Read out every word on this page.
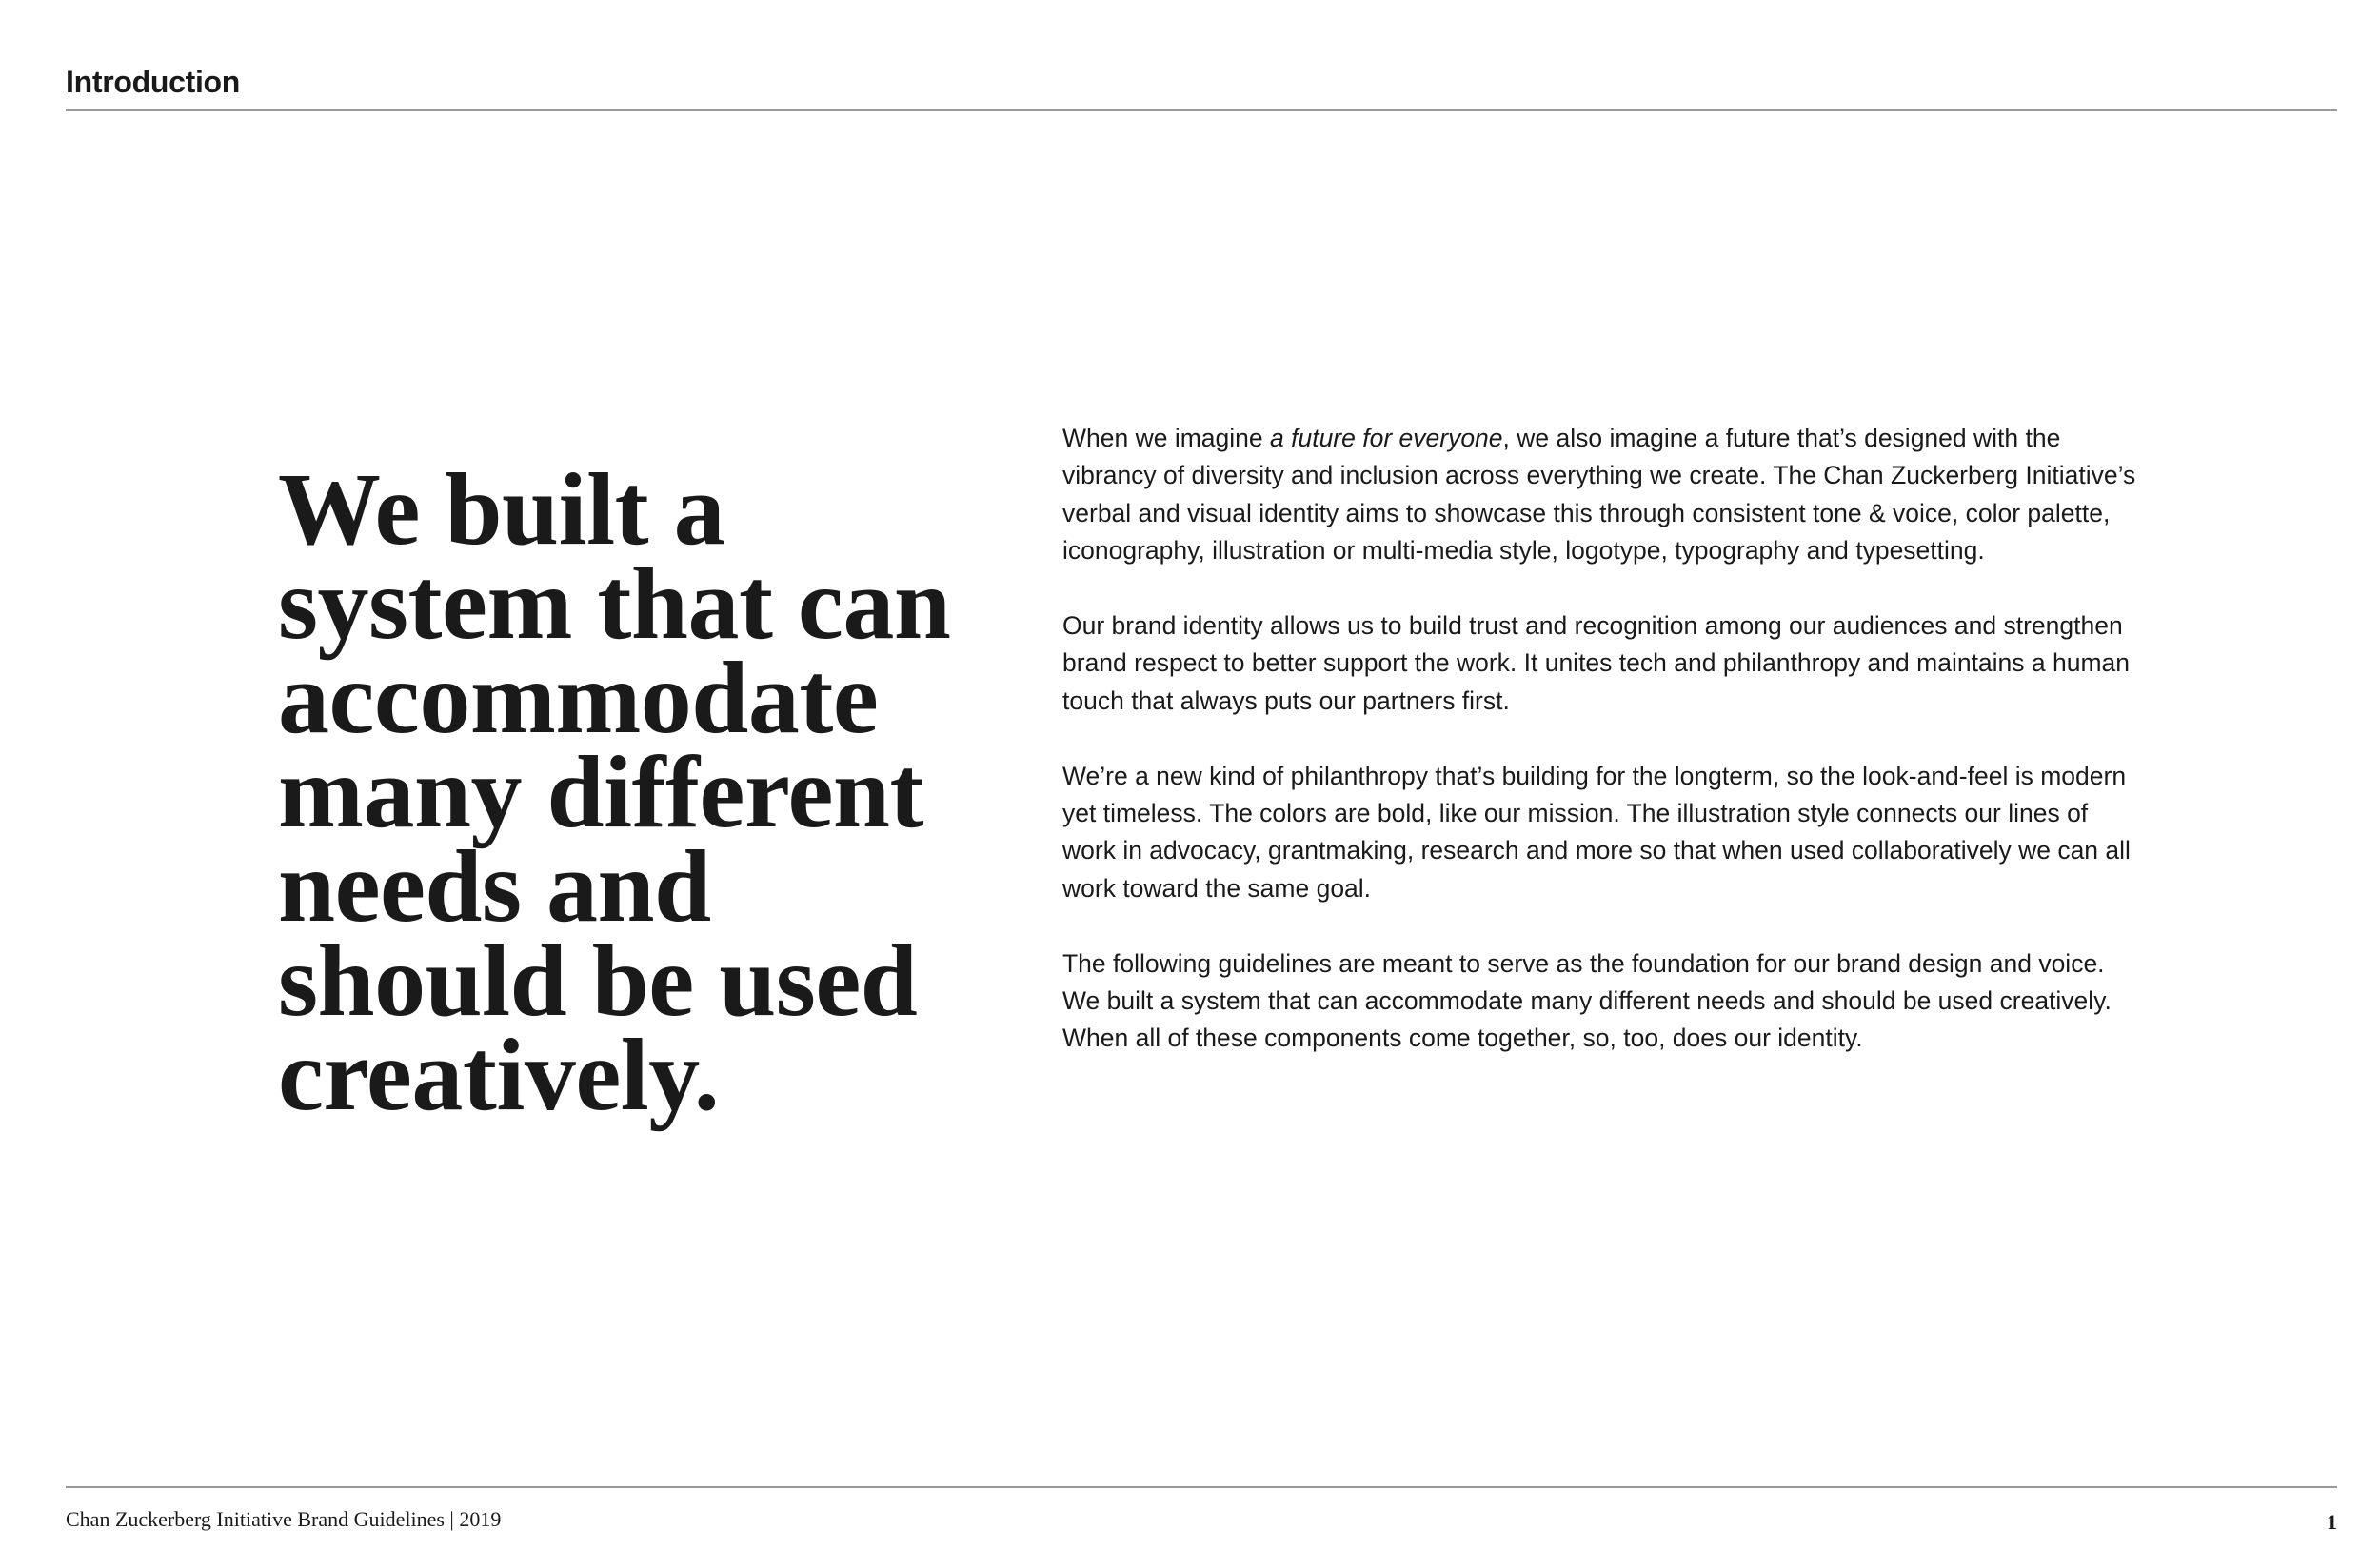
Introduction
We built a system that can accommodate many different needs and should be used creatively.

When we imagine a future for everyone, we also imagine a future that’s designed with the vibrancy of diversity and inclusion across everything we create. The Chan Zuckerberg Initiative’s verbal and visual identity aims to showcase this through consistent tone & voice, color palette, iconography, illustration or multi-media style, logotype, typography and typesetting.

Our brand identity allows us to build trust and recognition among our audiences and strengthen brand respect to better support the work. It unites tech and philanthropy and maintains a human touch that always puts our partners first.

We’re a new kind of philanthropy that’s building for the longterm, so the look-and-feel is modern yet timeless. The colors are bold, like our mission. The illustration style connects our lines of work in advocacy, grantmaking, research and more so that when used collaboratively we can all work toward the same goal.

The following guidelines are meant to serve as the foundation for our brand design and voice. We built a system that can accommodate many different needs and should be used creatively. When all of these components come together, so, too, does our identity.

Chan Zuckerberg Initiative Brand Guidelines | 2019	1
